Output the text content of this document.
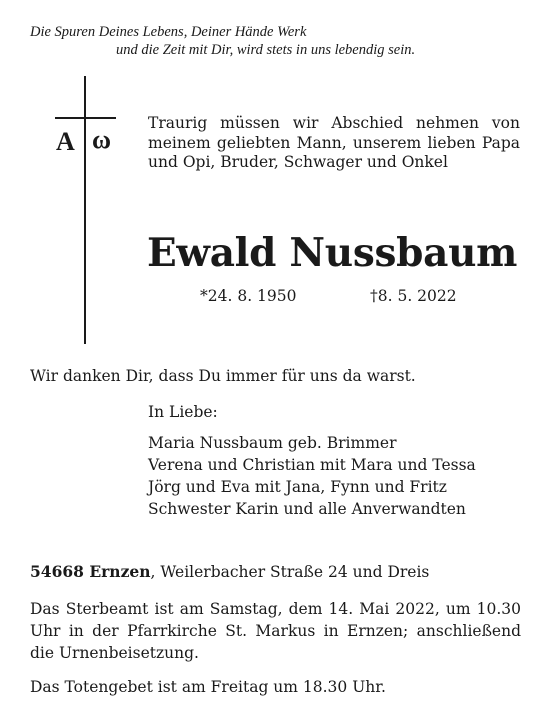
Die Spuren Deines Lebens, Deiner Hände Werk
und die Zeit mit Dir, wird stets in uns lebendig sein.
A ω
Traurig müssen wir Abschied nehmen von meinem geliebten Mann, unserem lieben Papa und Opi, Bruder, Schwager und Onkel
Ewald Nussbaum
*24. 8. 1950	†8. 5. 2022
Wir danken Dir, dass Du immer für uns da warst.
In Liebe:
Maria Nussbaum geb. Brimmer
Verena und Christian mit Mara und Tessa
Jörg und Eva mit Jana, Fynn und Fritz
Schwester Karin und alle Anverwandten
54668 Ernzen, Weilerbacher Straße 24 und Dreis
Das Sterbeamt ist am Samstag, dem 14. Mai 2022, um 10.30 Uhr in der Pfarrkirche St. Markus in Ernzen; anschließend die Urnenbeisetzung.
Das Totengebet ist am Freitag um 18.30 Uhr.
